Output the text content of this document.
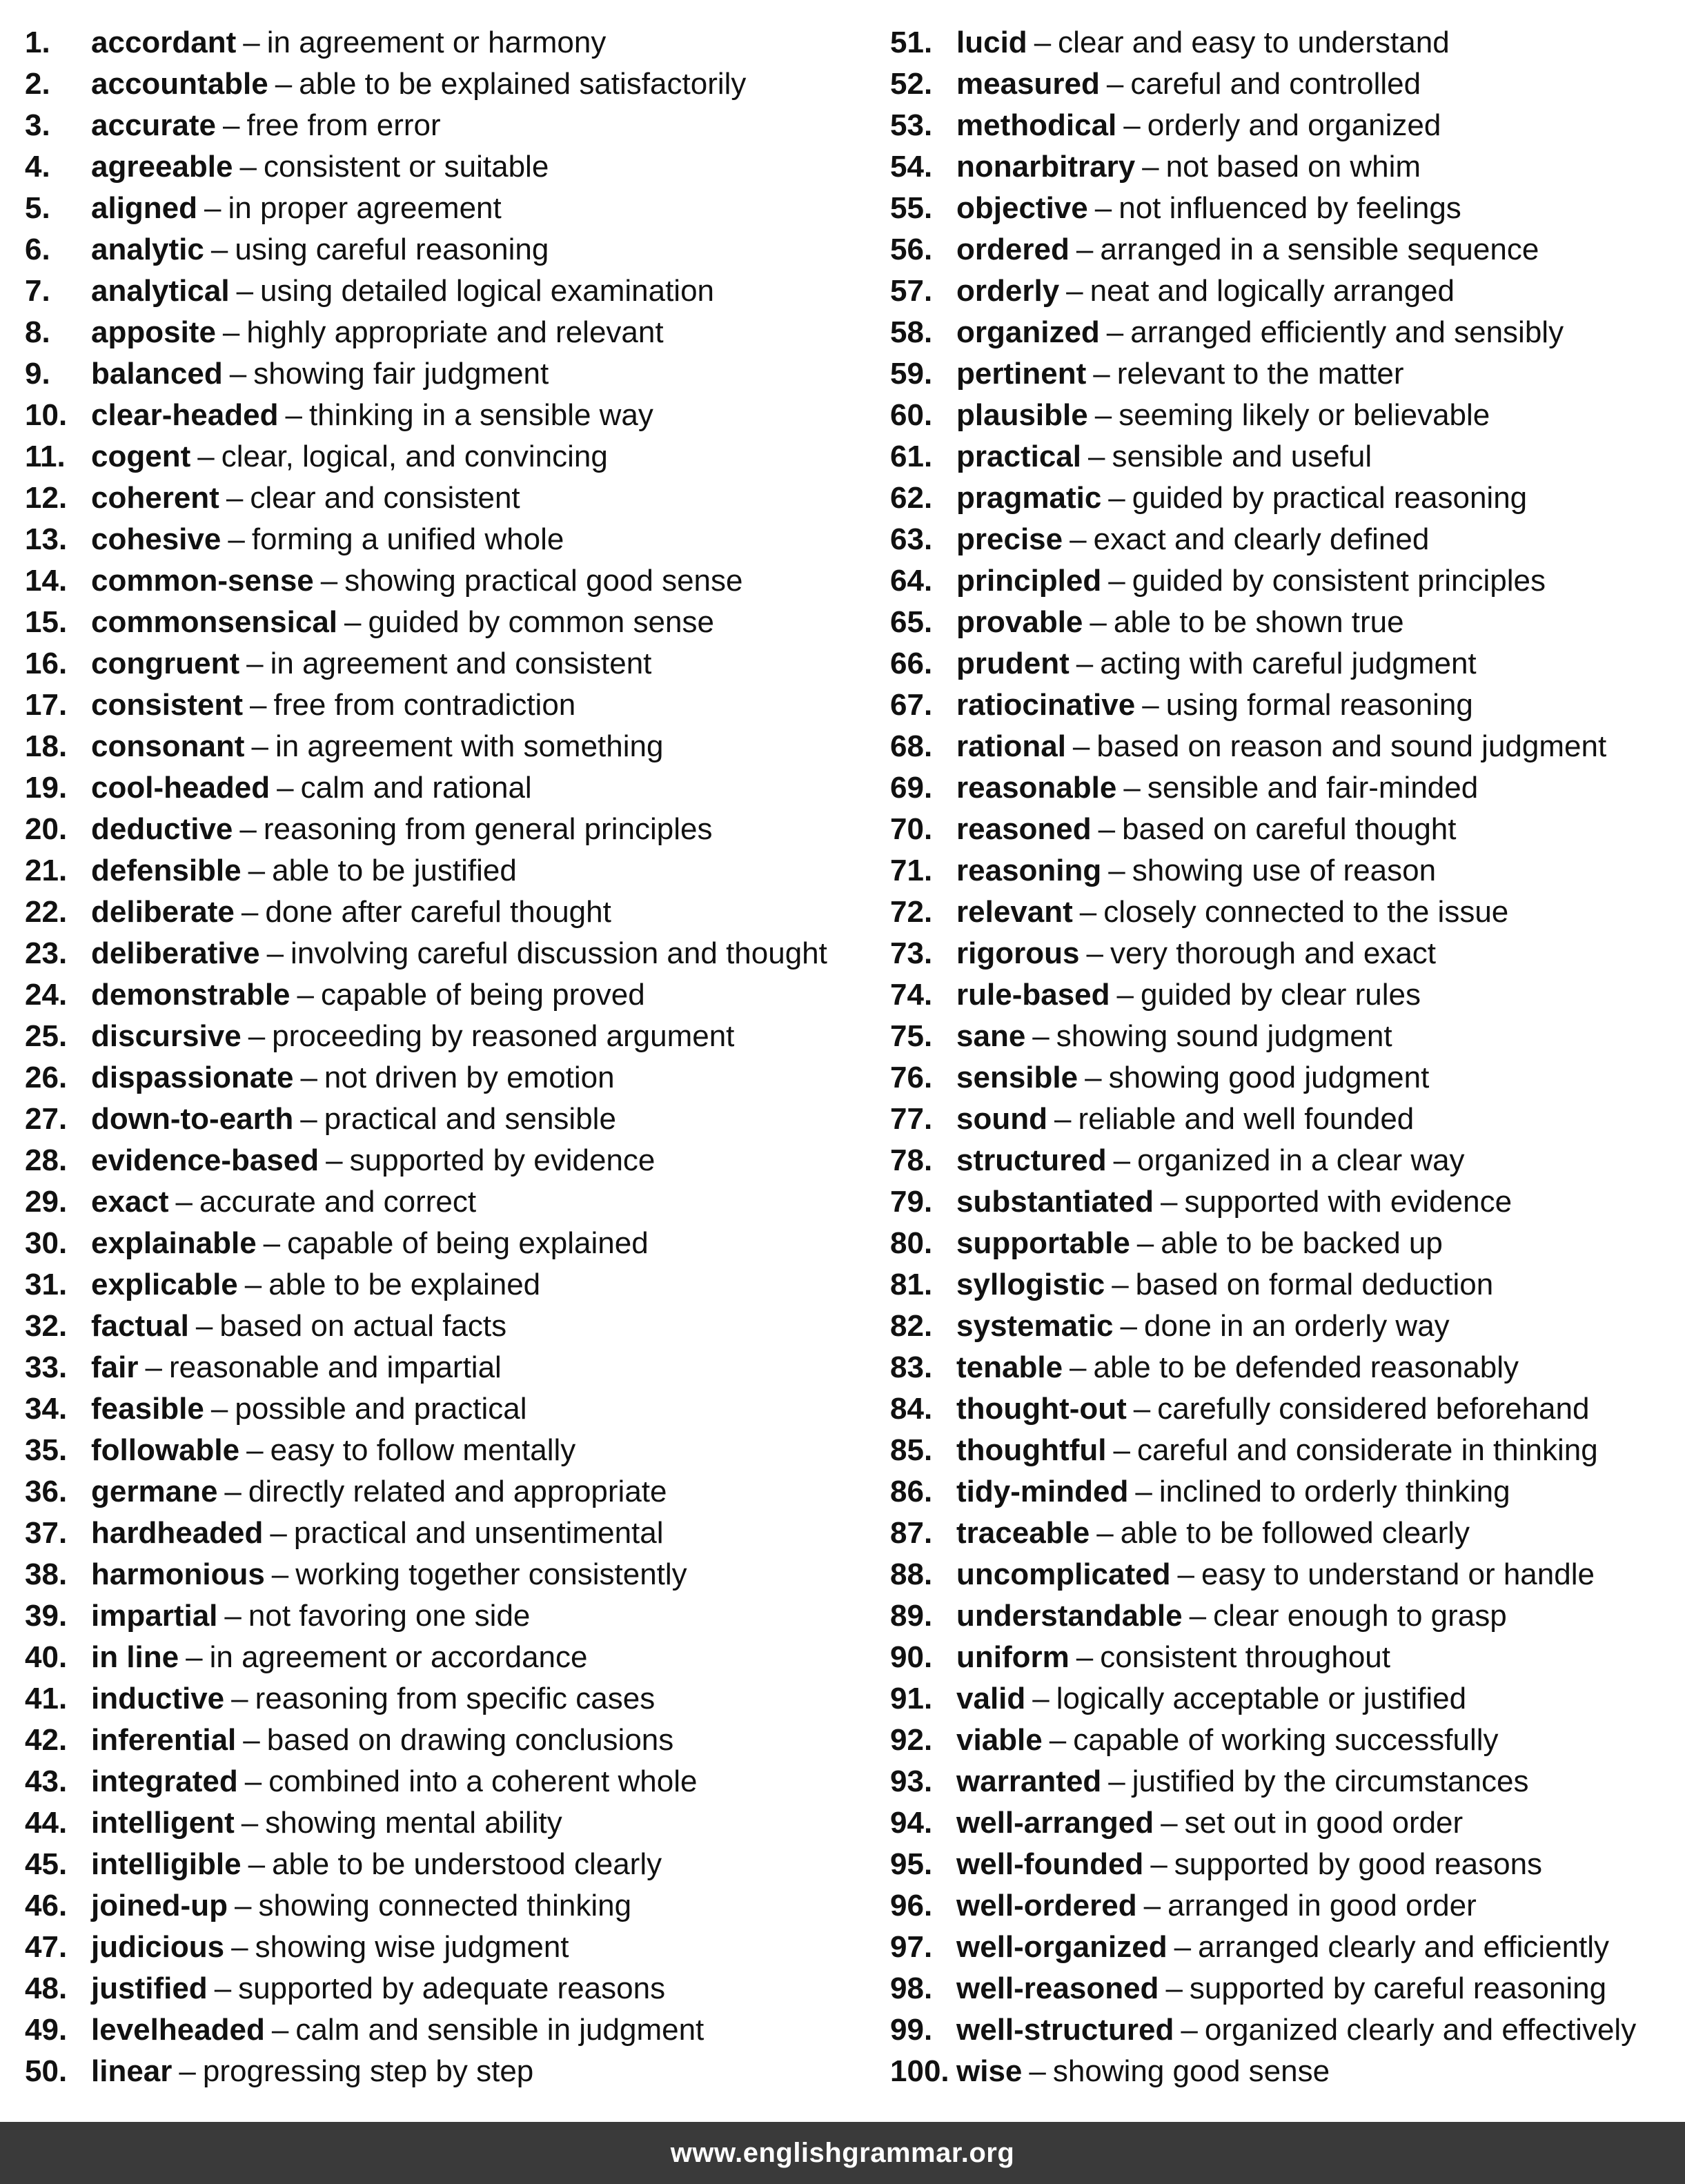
1.	accordant – in agreement or harmony
2.	accountable – able to be explained satisfactorily
3.	accurate – free from error
4.	agreeable – consistent or suitable
5.	aligned – in proper agreement
6.	analytic – using careful reasoning
7.	analytical – using detailed logical examination
8.	apposite – highly appropriate and relevant
9.	balanced – showing fair judgment
10. clear-headed – thinking in a sensible way
11. cogent – clear, logical, and convincing
12. coherent – clear and consistent
13. cohesive – forming a unified whole
14. common-sense – showing practical good sense
15. commonsensical – guided by common sense
16. congruent – in agreement and consistent
17. consistent – free from contradiction
18. consonant – in agreement with something
19. cool-headed – calm and rational
20. deductive – reasoning from general principles
21. defensible – able to be justified
22. deliberate – done after careful thought
23. deliberative – involving careful discussion and thought
24. demonstrable – capable of being proved
25. discursive – proceeding by reasoned argument
26. dispassionate – not driven by emotion
27. down-to-earth – practical and sensible
28. evidence-based – supported by evidence
29. exact – accurate and correct
30. explainable – capable of being explained
31. explicable – able to be explained
32. factual – based on actual facts
33. fair – reasonable and impartial
34. feasible – possible and practical
35. followable – easy to follow mentally
36. germane – directly related and appropriate
37. hardheaded – practical and unsentimental
38. harmonious – working together consistently
39. impartial – not favoring one side
40. in line – in agreement or accordance
41. inductive – reasoning from specific cases
42. inferential – based on drawing conclusions
43. integrated – combined into a coherent whole
44. intelligent – showing mental ability
45. intelligible – able to be understood clearly
46. joined-up – showing connected thinking
47. judicious – showing wise judgment
48. justified – supported by adequate reasons
49. levelheaded – calm and sensible in judgment
50. linear – progressing step by step
51. lucid – clear and easy to understand
52. measured – careful and controlled
53. methodical – orderly and organized
54. nonarbitrary – not based on whim
55. objective – not influenced by feelings
56. ordered – arranged in a sensible sequence
57. orderly – neat and logically arranged
58. organized – arranged efficiently and sensibly
59. pertinent – relevant to the matter
60. plausible – seeming likely or believable
61. practical – sensible and useful
62. pragmatic – guided by practical reasoning
63. precise – exact and clearly defined
64. principled – guided by consistent principles
65. provable – able to be shown true
66. prudent – acting with careful judgment
67. ratiocinative – using formal reasoning
68. rational – based on reason and sound judgment
69. reasonable – sensible and fair-minded
70. reasoned – based on careful thought
71. reasoning – showing use of reason
72. relevant – closely connected to the issue
73. rigorous – very thorough and exact
74. rule-based – guided by clear rules
75. sane – showing sound judgment
76. sensible – showing good judgment
77. sound – reliable and well founded
78. structured – organized in a clear way
79. substantiated – supported with evidence
80. supportable – able to be backed up
81. syllogistic – based on formal deduction
82. systematic – done in an orderly way
83. tenable – able to be defended reasonably
84. thought-out – carefully considered beforehand
85. thoughtful – careful and considerate in thinking
86. tidy-minded – inclined to orderly thinking
87. traceable – able to be followed clearly
88. uncomplicated – easy to understand or handle
89. understandable – clear enough to grasp
90. uniform – consistent throughout
91. valid – logically acceptable or justified
92. viable – capable of working successfully
93. warranted – justified by the circumstances
94. well-arranged – set out in good order
95. well-founded – supported by good reasons
96. well-ordered – arranged in good order
97. well-organized – arranged clearly and efficiently
98. well-reasoned – supported by careful reasoning
99. well-structured – organized clearly and effectively
100. wise – showing good sense
www.englishgrammar.org
